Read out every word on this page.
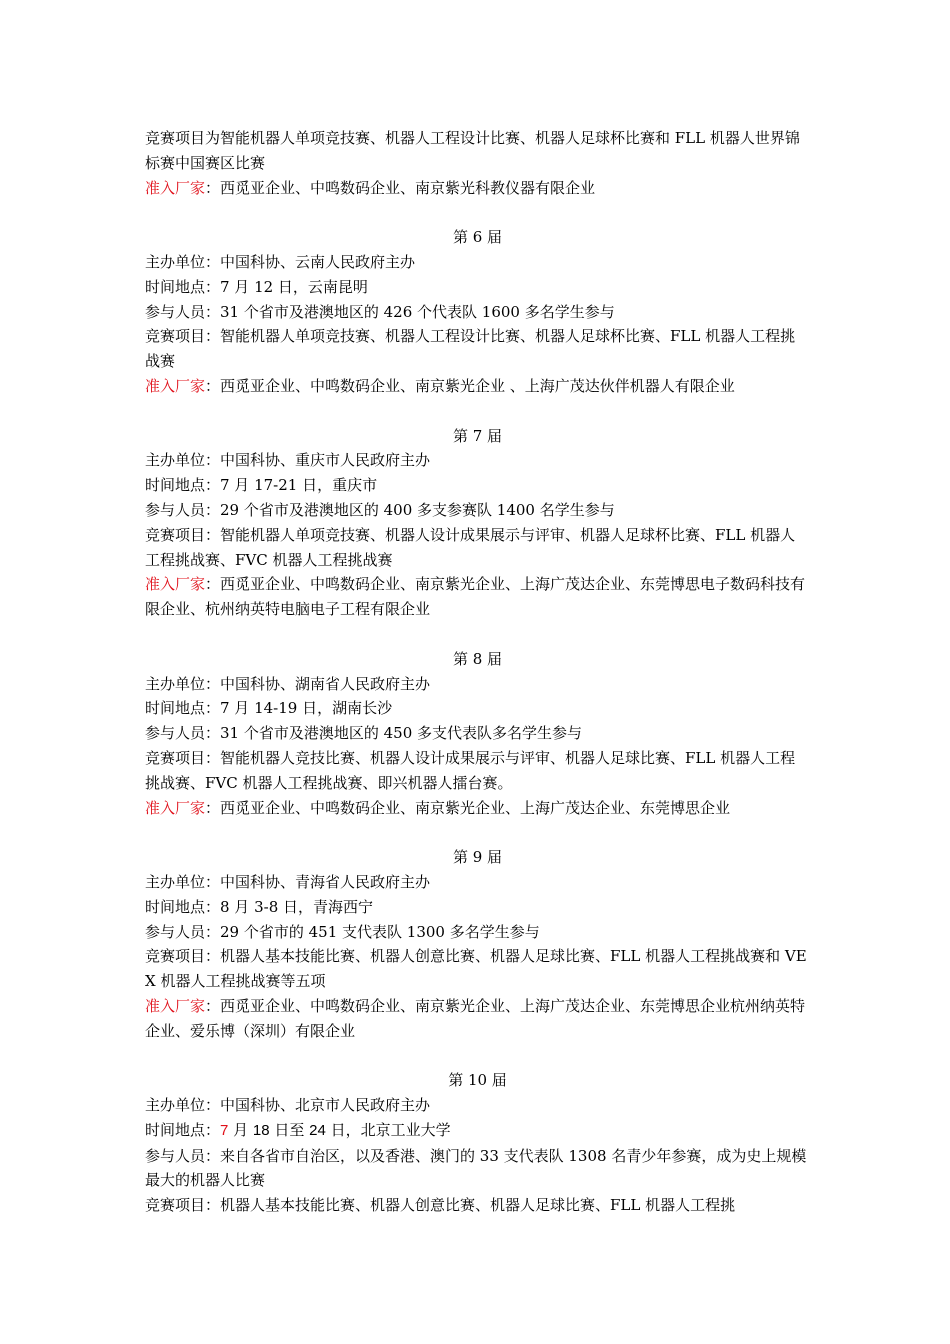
竞赛项目为智能机器人单项竞技赛、机器人工程设计比赛、机器人足球杯比赛和 FLL 机器人世界锦标赛中国赛区比赛

准入厂家：西觅亚企业、中鸣数码企业、南京紫光科教仪器有限企业

第 6 届

主办单位：中国科协、云南人民政府主办

时间地点：7 月 12 日，云南昆明

参与人员：31 个省市及港澳地区的 426 个代表队 1600 多名学生参与

竞赛项目：智能机器人单项竞技赛、机器人工程设计比赛、机器人足球杯比赛、FLL 机器人工程挑战赛

准入厂家：西觅亚企业、中鸣数码企业、南京紫光企业 、上海广茂达伙伴机器人有限企业

第 7 届

主办单位：中国科协、重庆市人民政府主办

时间地点：7 月 17-21 日，重庆市

参与人员：29 个省市及港澳地区的 400 多支参赛队 1400 名学生参与

竞赛项目：智能机器人单项竞技赛、机器人设计成果展示与评审、机器人足球杯比赛、FLL 机器人工程挑战赛、FVC 机器人工程挑战赛

准入厂家：西觅亚企业、中鸣数码企业、南京紫光企业、上海广茂达企业、东莞博思电子数码科技有限企业、杭州纳英特电脑电子工程有限企业

第 8 届

主办单位：中国科协、湖南省人民政府主办

时间地点：7 月 14-19 日，湖南长沙

参与人员：31 个省市及港澳地区的 450 多支代表队多名学生参与

竞赛项目：智能机器人竞技比赛、机器人设计成果展示与评审、机器人足球比赛、FLL 机器人工程挑战赛、FVC 机器人工程挑战赛、即兴机器人擂台赛。

准入厂家：西觅亚企业、中鸣数码企业、南京紫光企业、上海广茂达企业、东莞博思企业

第 9 届

主办单位：中国科协、青海省人民政府主办

时间地点：8 月 3-8 日，青海西宁

参与人员：29 个省市的 451 支代表队 1300 多名学生参与

竞赛项目：机器人基本技能比赛、机器人创意比赛、机器人足球比赛、FLL 机器人工程挑战赛和 VEX 机器人工程挑战赛等五项

准入厂家：西觅亚企业、中鸣数码企业、南京紫光企业、上海广茂达企业、东莞博思企业杭州纳英特企业、爱乐博（深圳）有限企业

第 10 届

主办单位：中国科协、北京市人民政府主办

时间地点：7 月 18 日至 24 日，北京工业大学

参与人员：来自各省市自治区，以及香港、澳门的 33 支代表队 1308 名青少年参赛，成为史上规模最大的机器人比赛

竞赛项目：机器人基本技能比赛、机器人创意比赛、机器人足球比赛、FLL 机器人工程挑
